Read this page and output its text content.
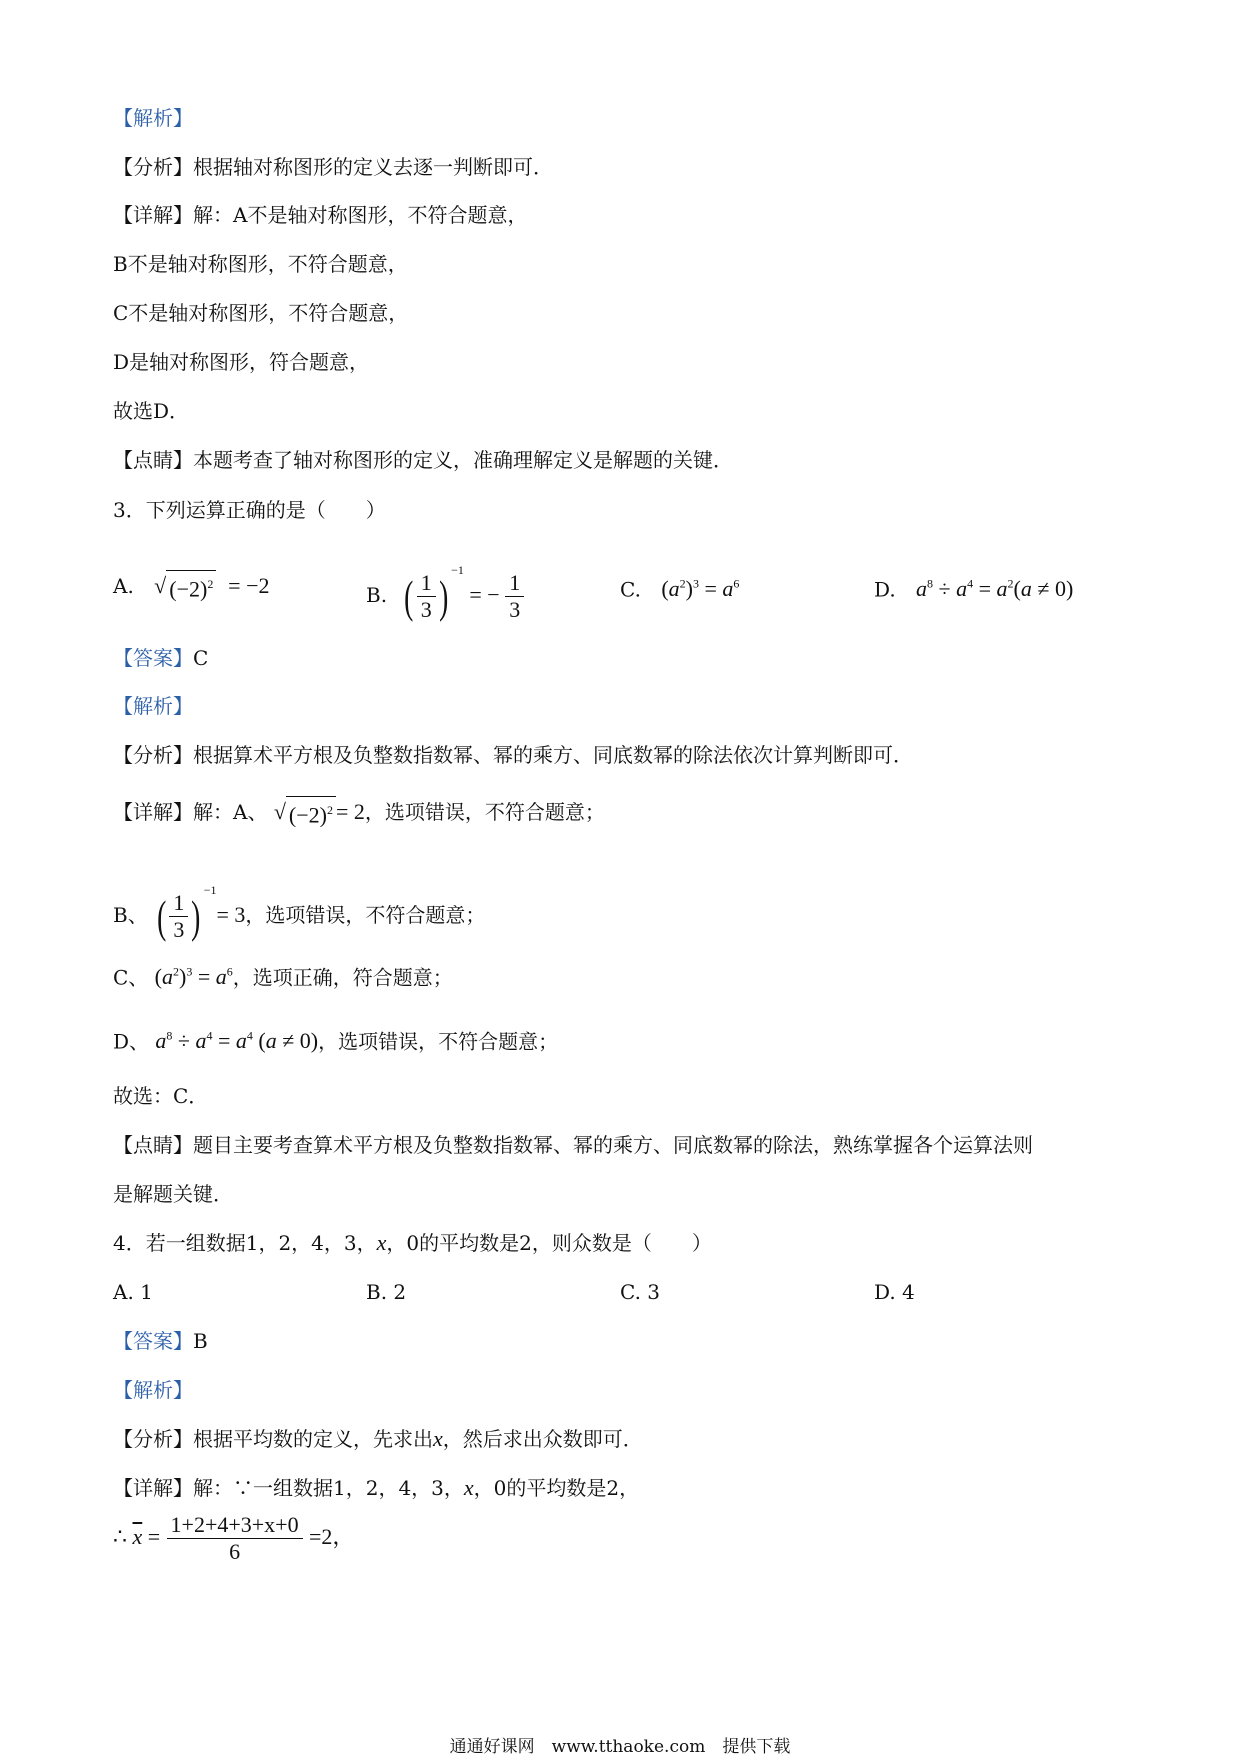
【解析】
【分析】根据轴对称图形的定义去逐一判断即可．
【详解】解：A不是轴对称图形，不符合题意，
B不是轴对称图形，不符合题意，
C不是轴对称图形，不符合题意，
D是轴对称图形，符合题意，
故选D．
【点睛】本题考查了轴对称图形的定义，准确理解定义是解题的关键．
3．下列运算正确的是（　　）
A. √ $(-2)^2 = -2$	B. ( $\frac{1}{3} )^{-1}$ = − $\frac{1}{3}$	C. $(a^2)^3 = a^6$	D. $a^8 \div a^4 = a^2(a \ne 0)$
【答案】C
【解析】
【分析】根据算术平方根及负整数指数幂、幂的乘方、同底数幂的除法依次计算判断即可．
【详解】解：A、 √ $(-2)^2 = 2$，选项错误，不符合题意；
B、 ( $\frac{1}{3} )^{-1}= 3$，选项错误，不符合题意；
C、 $(a^2)^3 = a^6$，选项正确，符合题意；
D、 $a^8 \div a^4 = a^4$ (a ≠ 0)，选项错误，不符合题意；
故选：C．
【点睛】题目主要考查算术平方根及负整数指数幂、幂的乘方、同底数幂的除法，熟练掌握各个运算法则
是解题关键．
4．若一组数据1，2，4，3，x，0的平均数是2，则众数是（　　）
A. 1	B. 2	C. 3	D. 4
【答案】B
【解析】
【分析】根据平均数的定义，先求出x，然后求出众数即可．
【详解】解：∵一组数据1，2，4，3，x，0的平均数是2，
∴ $\overline{x} = \frac{1+2+4+3+x+0}{6} =2$，
通通好课网　www.tthaoke.com　提供下载
